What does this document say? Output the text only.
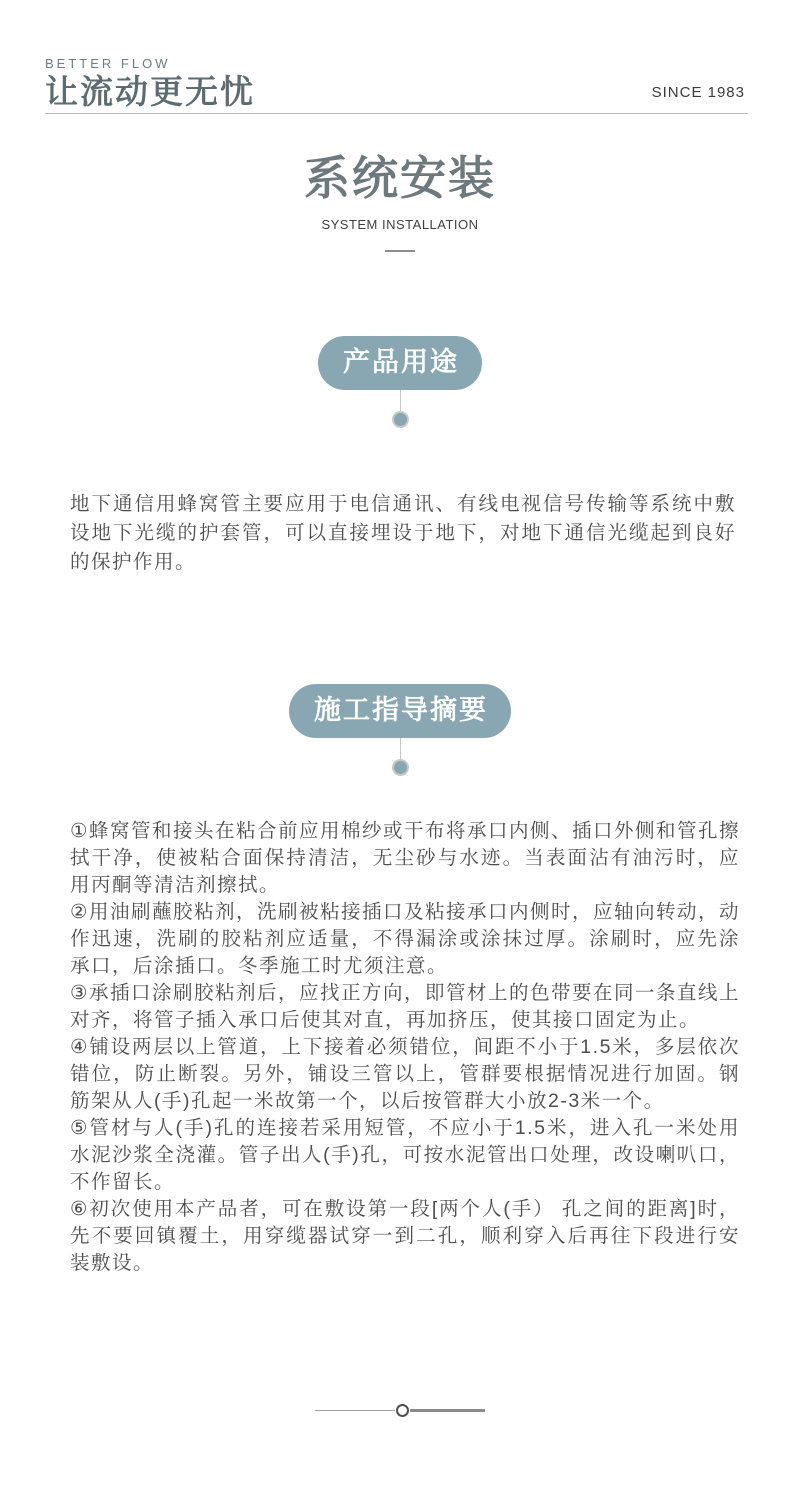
BETTER FLOW
让流动更无忧	SINCE 1983
系统安装
SYSTEM INSTALLATION
产品用途

地下通信用蜂窝管主要应用于电信通讯、有线电视信号传输等系统中敷设地下光缆的护套管，可以直接埋设于地下，对地下通信光缆起到良好的保护作用。

施工指导摘要

①蜂窝管和接头在粘合前应用棉纱或干布将承口内侧、插口外侧和管孔擦拭干净，使被粘合面保持清洁，无尘砂与水迹。当表面沾有油污时，应用丙酮等清洁剂擦拭。

②用油刷蘸胶粘剂，洗刷被粘接插口及粘接承口内侧时，应轴向转动，动作迅速，洗刷的胶粘剂应适量，不得漏涂或涂抹过厚。涂刷时，应先涂承口，后涂插口。冬季施工时尤须注意。

③承插口涂刷胶粘剂后，应找正方向，即管材上的色带要在同一条直线上对齐，将管子插入承口后使其对直，再加挤压，使其接口固定为止。

④铺设两层以上管道，上下接着必须错位，间距不小于1.5米，多层依次错位，防止断裂。另外，铺设三管以上，管群要根据情况进行加固。钢筋架从人(手)孔起一米故第一个，以后按管群大小放2-3米一个。

⑤管材与人(手)孔的连接若采用短管，不应小于1.5米，进入孔一米处用水泥沙浆全浇灌。管子出人(手)孔，可按水泥管出口处理，改设喇叭口，不作留长。

⑥初次使用本产品者，可在敷设第一段[两个人(手） 孔之间的距离]时，先不要回镇覆土，用穿缆器试穿一到二孔，顺利穿入后再往下段进行安装敷设。
